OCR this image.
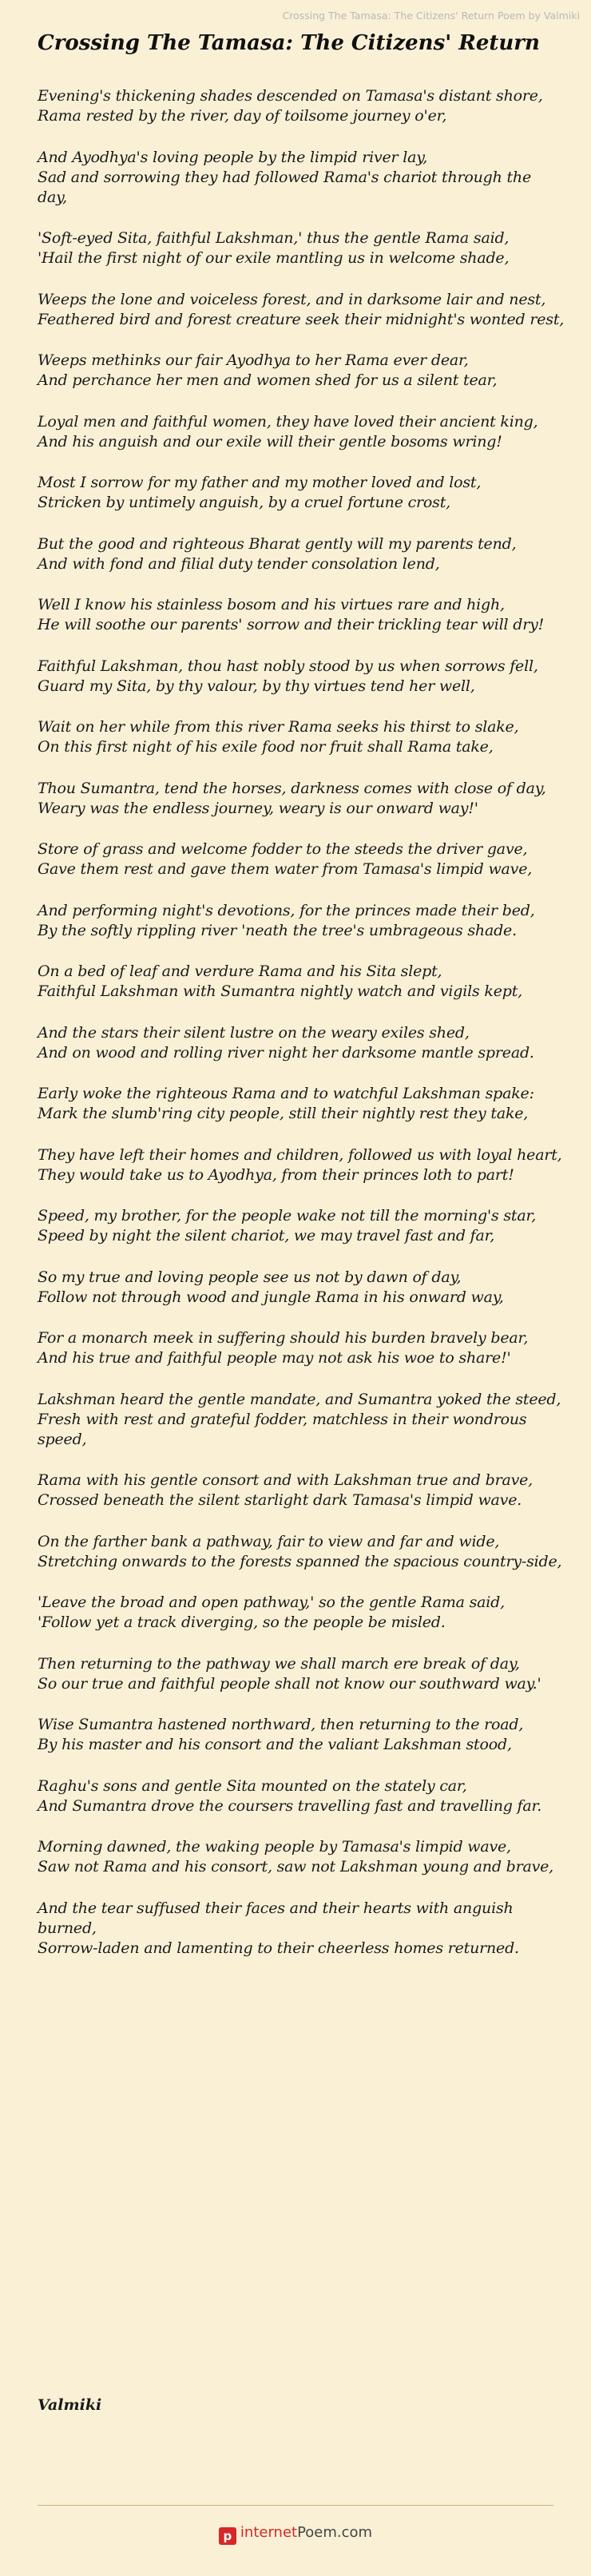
Crossing The Tamasa: The Citizens' Return Poem by Valmiki
Crossing The Tamasa: The Citizens' Return

Evening's thickening shades descended on Tamasa's distant shore,
Rama rested by the river, day of toilsome journey o'er,

And Ayodhya's loving people by the limpid river lay,
Sad and sorrowing they had followed Rama's chariot through the day,

'Soft-eyed Sita, faithful Lakshman,' thus the gentle Rama said,
'Hail the first night of our exile mantling us in welcome shade,

Weeps the lone and voiceless forest, and in darksome lair and nest,
Feathered bird and forest creature seek their midnight's wonted rest,

Weeps methinks our fair Ayodhya to her Rama ever dear,
And perchance her men and women shed for us a silent tear,

Loyal men and faithful women, they have loved their ancient king,
And his anguish and our exile will their gentle bosoms wring!

Most I sorrow for my father and my mother loved and lost,
Stricken by untimely anguish, by a cruel fortune crost,

But the good and righteous Bharat gently will my parents tend,
And with fond and filial duty tender consolation lend,

Well I know his stainless bosom and his virtues rare and high,
He will soothe our parents' sorrow and their trickling tear will dry!

Faithful Lakshman, thou hast nobly stood by us when sorrows fell,
Guard my Sita, by thy valour, by thy virtues tend her well,

Wait on her while from this river Rama seeks his thirst to slake,
On this first night of his exile food nor fruit shall Rama take,

Thou Sumantra, tend the horses, darkness comes with close of day,
Weary was the endless journey, weary is our onward way!'

Store of grass and welcome fodder to the steeds the driver gave,
Gave them rest and gave them water from Tamasa's limpid wave,

And performing night's devotions, for the princes made their bed,
By the softly rippling river 'neath the tree's umbrageous shade.

On a bed of leaf and verdure Rama and his Sita slept,
Faithful Lakshman with Sumantra nightly watch and vigils kept,

And the stars their silent lustre on the weary exiles shed,
And on wood and rolling river night her darksome mantle spread.

Early woke the righteous Rama and to watchful Lakshman spake:
Mark the slumb'ring city people, still their nightly rest they take,

They have left their homes and children, followed us with loyal heart,
They would take us to Ayodhya, from their princes loth to part!

Speed, my brother, for the people wake not till the morning's star,
Speed by night the silent chariot, we may travel fast and far,

So my true and loving people see us not by dawn of day,
Follow not through wood and jungle Rama in his onward way,

For a monarch meek in suffering should his burden bravely bear,
And his true and faithful people may not ask his woe to share!'

Lakshman heard the gentle mandate, and Sumantra yoked the steed,
Fresh with rest and grateful fodder, matchless in their wondrous speed,

Rama with his gentle consort and with Lakshman true and brave,
Crossed beneath the silent starlight dark Tamasa's limpid wave.

On the farther bank a pathway, fair to view and far and wide,
Stretching onwards to the forests spanned the spacious country-side,

'Leave the broad and open pathway,' so the gentle Rama said,
'Follow yet a track diverging, so the people be misled.

Then returning to the pathway we shall march ere break of day,
So our true and faithful people shall not know our southward way.'

Wise Sumantra hastened northward, then returning to the road,
By his master and his consort and the valiant Lakshman stood,

Raghu's sons and gentle Sita mounted on the stately car,
And Sumantra drove the coursers travelling fast and travelling far.

Morning dawned, the waking people by Tamasa's limpid wave,
Saw not Rama and his consort, saw not Lakshman young and brave,

And the tear suffused their faces and their hearts with anguish burned,
Sorrow-laden and lamenting to their cheerless homes returned.

Valmiki
p internetPoem.com
